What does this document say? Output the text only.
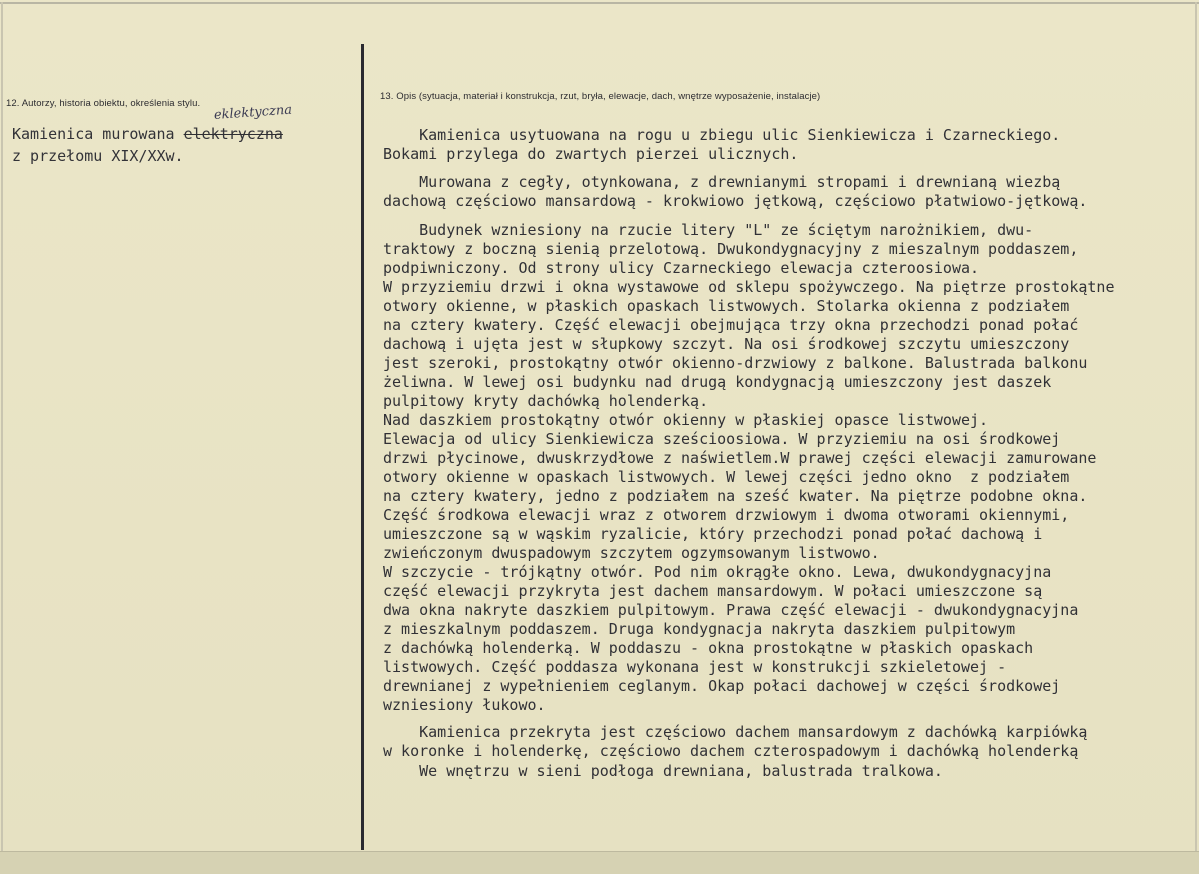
12. Autorzy, historia obiektu, określenia stylu. eklektyczna
Kamienica murowana elektryczna
z przełomu XIX/XXw.
13. Opis (sytuacja, materiał i konstrukcja, rzut, bryła, elewacje, dach, wnętrze wyposażenie, instalacje)
Kamienica usytuowana na rogu u zbiegu ulic Sienkiewicza i Czarneckiego.
Bokami przylega do zwartych pierzei ulicznych.
Murowana z cegły, otynkowana, z drewnianymi stropami i drewnianą wiezbą
dachową częściowo mansardową - krokwiowo jętkową, częściowo płatwiowo-jętkową.
Budynek wzniesiony na rzucie litery "L" ze ściętym narożnikiem, dwu-
traktowy z boczną sienią przelotową. Dwukondygnacyjny z mieszalnym poddaszem,
podpiwniczony. Od strony ulicy Czarneckiego elewacja czteroosiowa.
W przyziemiu drzwi i okna wystawowe od sklepu spożywczego. Na piętrze prostokątne
otwory okienne, w płaskich opaskach listwowych. Stolarka okienna z podziałem
na cztery kwatery. Część elewacji obejmująca trzy okna przechodzi ponad połać
dachową i ujęta jest w słupkowy szczyt. Na osi środkowej szczytu umieszczony
jest szeroki, prostokątny otwór okienno-drzwiowy z balkone. Balustrada balkonu
żeliwna. W lewej osi budynku nad drugą kondygnacją umieszczony jest daszek
pulpitowy kryty dachówką holenderką.
Nad daszkiem prostokątny otwór okienny w płaskiej opasce listwowej.
Elewacja od ulicy Sienkiewicza sześcioosiowa. W przyziemiu na osi środkowej
drzwi płycinowe, dwuskrzydłowe z naświetlem.W prawej części elewacji zamurowane
otwory okienne w opaskach listwowych. W lewej części jedno okno  z podziałem
na cztery kwatery, jedno z podziałem na sześć kwater. Na piętrze podobne okna.
Część środkowa elewacji wraz z otworem drzwiowym i dwoma otworami okiennymi,
umieszczone są w wąskim ryzalicie, który przechodzi ponad połać dachową i
zwieńczonym dwuspadowym szczytem ogzymsowanym listwowo.
W szczycie - trójkątny otwór. Pod nim okrągłe okno. Lewa, dwukondygnacyjna
część elewacji przykryta jest dachem mansardowym. W połaci umieszczone są
dwa okna nakryte daszkiem pulpitowym. Prawa część elewacji - dwukondygnacyjna
z mieszkalnym poddaszem. Druga kondygnacja nakryta daszkiem pulpitowym
z dachówką holenderką. W poddaszu - okna prostokątne w płaskich opaskach
listwowych. Część poddasza wykonana jest w konstrukcji szkieletowej -
drewnianej z wypełnieniem ceglanym. Okap połaci dachowej w części środkowej
wzniesiony łukowo.
Kamienica przekryta jest częściowo dachem mansardowym z dachówką karpiówką
w koronke i holenderkę, częściowo dachem czterospadowym i dachówką holenderką
We wnętrzu w sieni podłoga drewniana, balustrada tralkowa.
